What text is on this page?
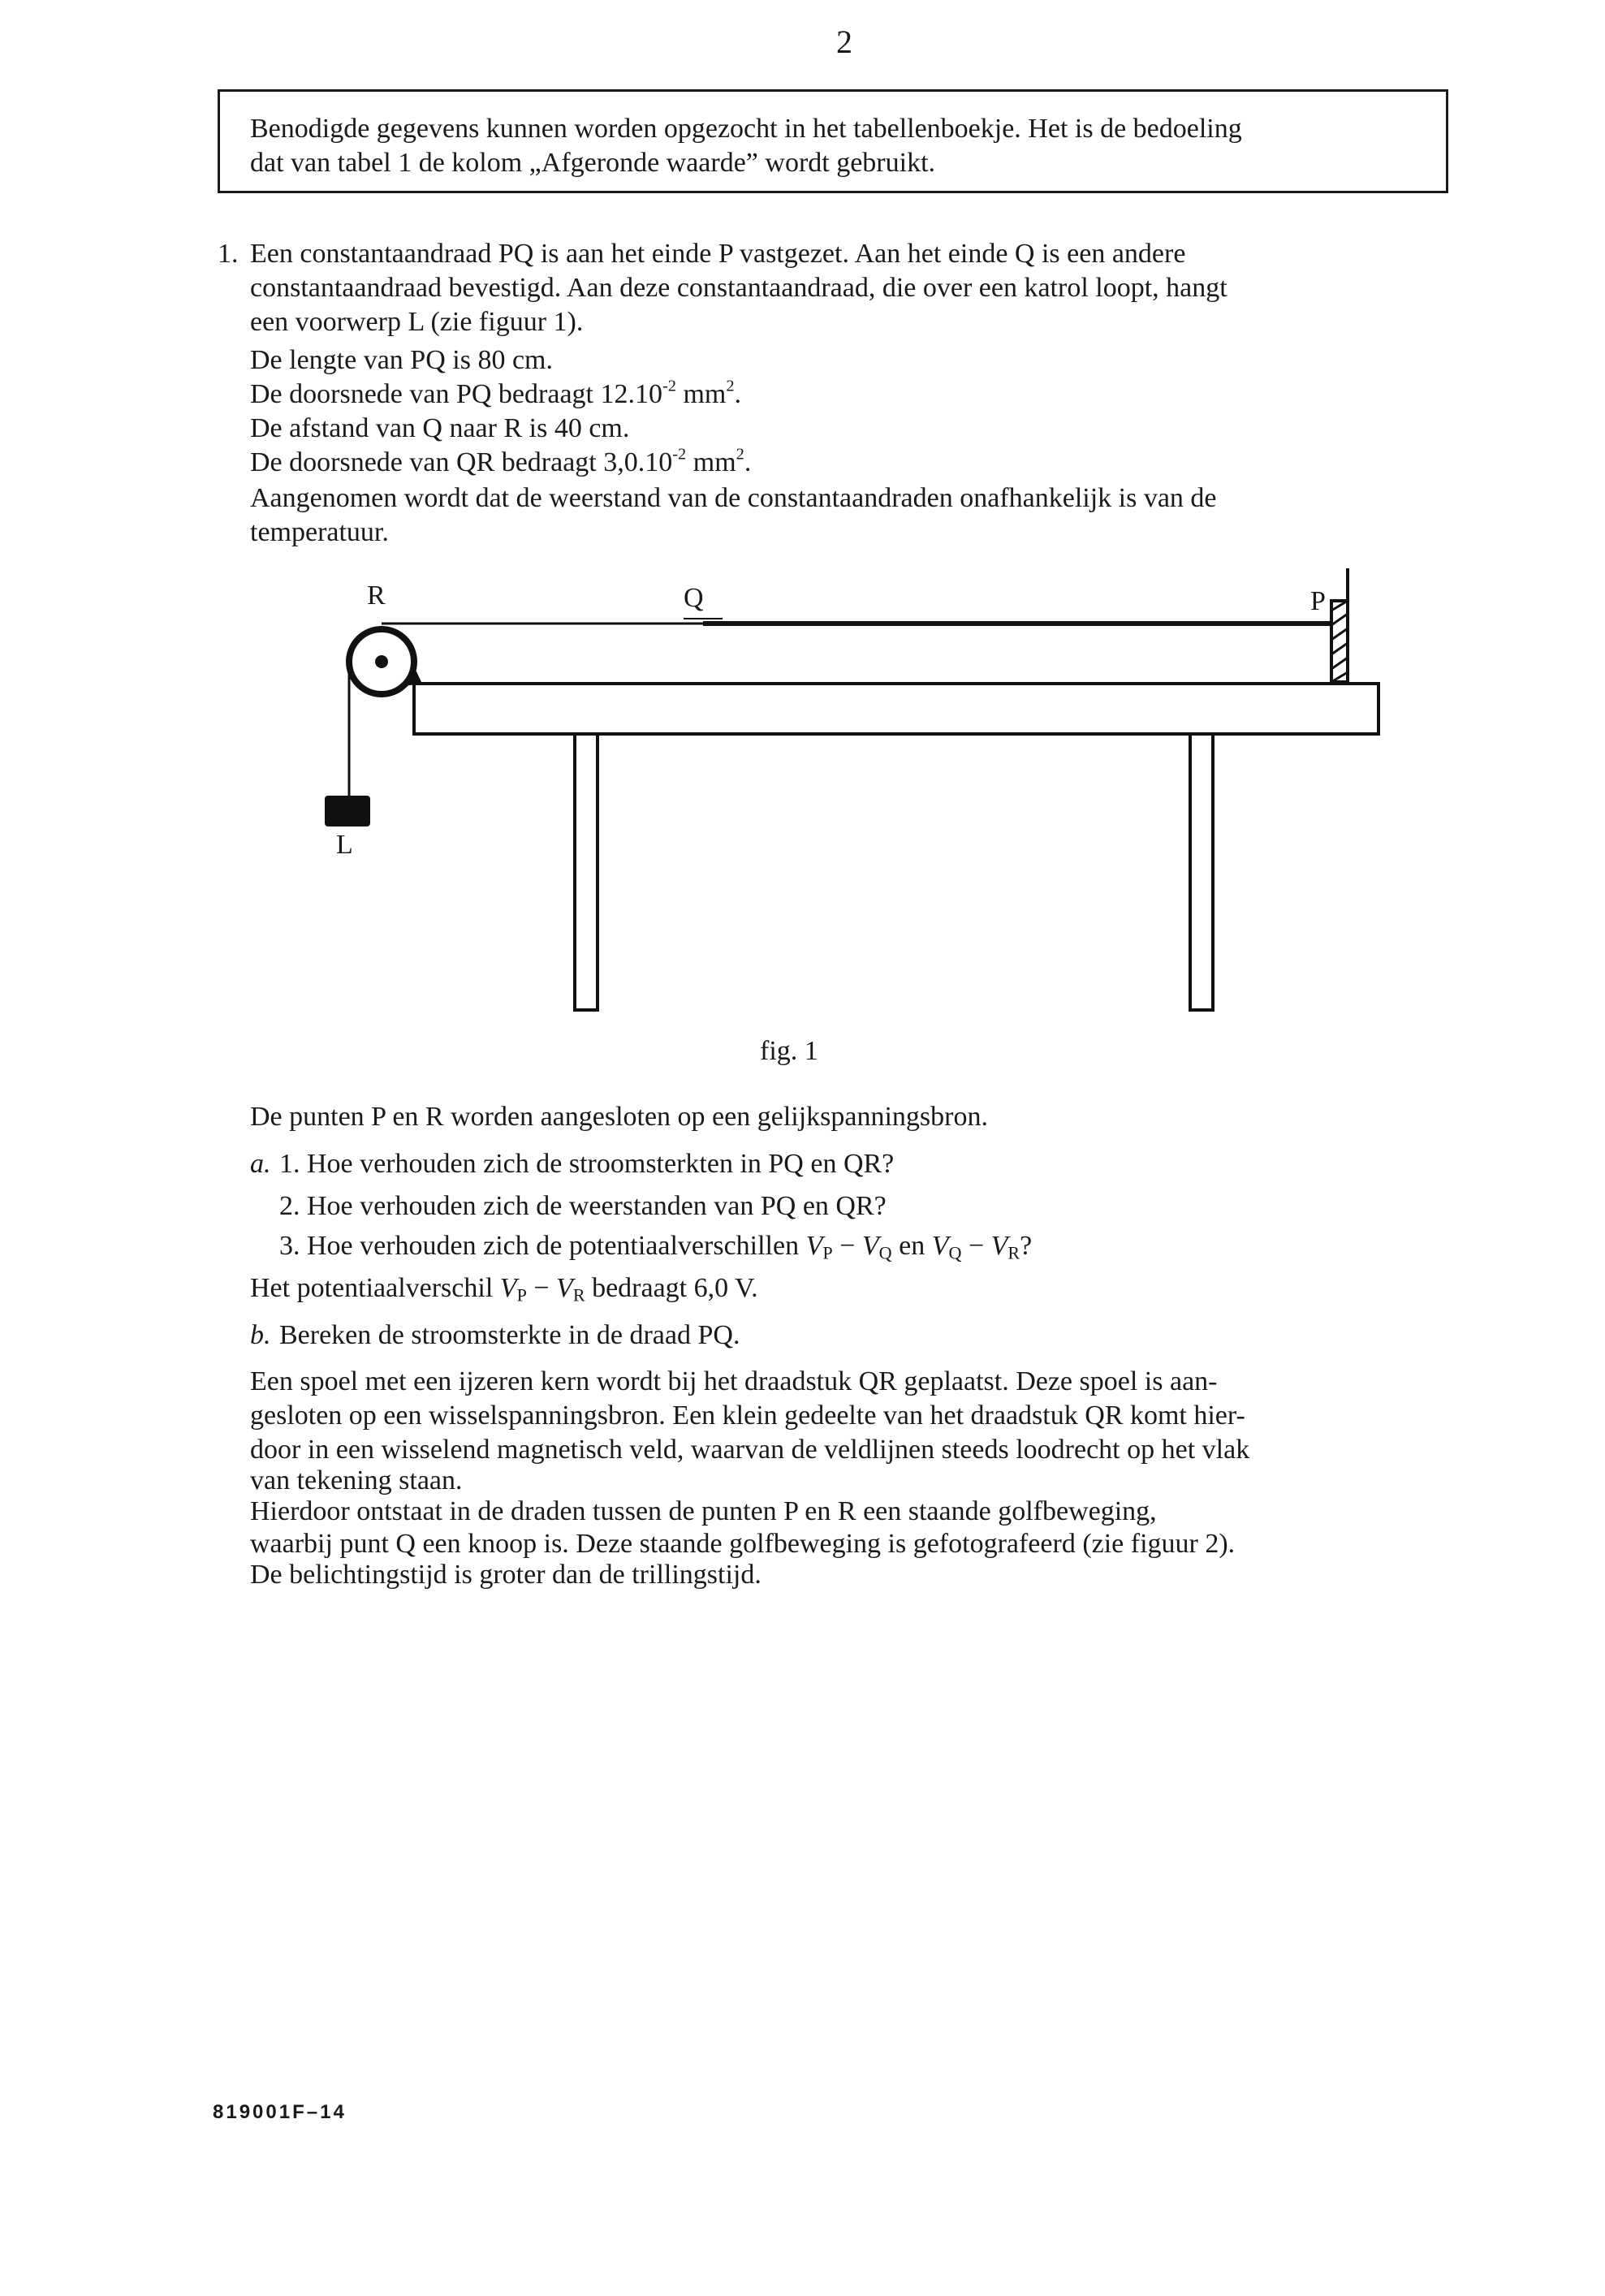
2
Benodigde gegevens kunnen worden opgezocht in het tabellenboekje. Het is de bedoeling
dat van tabel 1 de kolom „Afgeronde waarde” wordt gebruikt.
1. Een constantaandraad PQ is aan het einde P vastgezet. Aan het einde Q is een andere
constantaandraad bevestigd. Aan deze constantaandraad, die over een katrol loopt, hangt
een voorwerp L (zie figuur 1).
De lengte van PQ is 80 cm.
De doorsnede van PQ bedraagt $12.10^{-2}$ $mm^2$.
De afstand van Q naar R is 40 cm.
De doorsnede van QR bedraagt $3,0.10^{-2}$ $mm^2$.
Aangenomen wordt dat de weerstand van de constantaandraden onafhankelijk is van de
temperatuur.
R	Q	P
L
fig. 1
De punten P en R worden aangesloten op een gelijkspanningsbron.
a. 1. Hoe verhouden zich de stroomsterkten in PQ en QR?
2. Hoe verhouden zich de weerstanden van PQ en QR?
3. Hoe verhouden zich de potentiaalverschillen $V_P - V_Q$ en $V_Q - V_R$?
Het potentiaalverschil $V_P - V_R$ bedraagt 6,0 V.
b. Bereken de stroomsterkte in de draad PQ.
Een spoel met een ijzeren kern wordt bij het draadstuk QR geplaatst. Deze spoel is aan-
gesloten op een wisselspanningsbron. Een klein gedeelte van het draadstuk QR komt hier-
door in een wisselend magnetisch veld, waarvan de veldlijnen steeds loodrecht op het vlak
van tekening staan.
Hierdoor ontstaat in de draden tussen de punten P en R een staande golfbeweging,
waarbij punt Q een knoop is. Deze staande golfbeweging is gefotografeerd (zie figuur 2).
De belichtingstijd is groter dan de trillingstijd.
819001F–14
